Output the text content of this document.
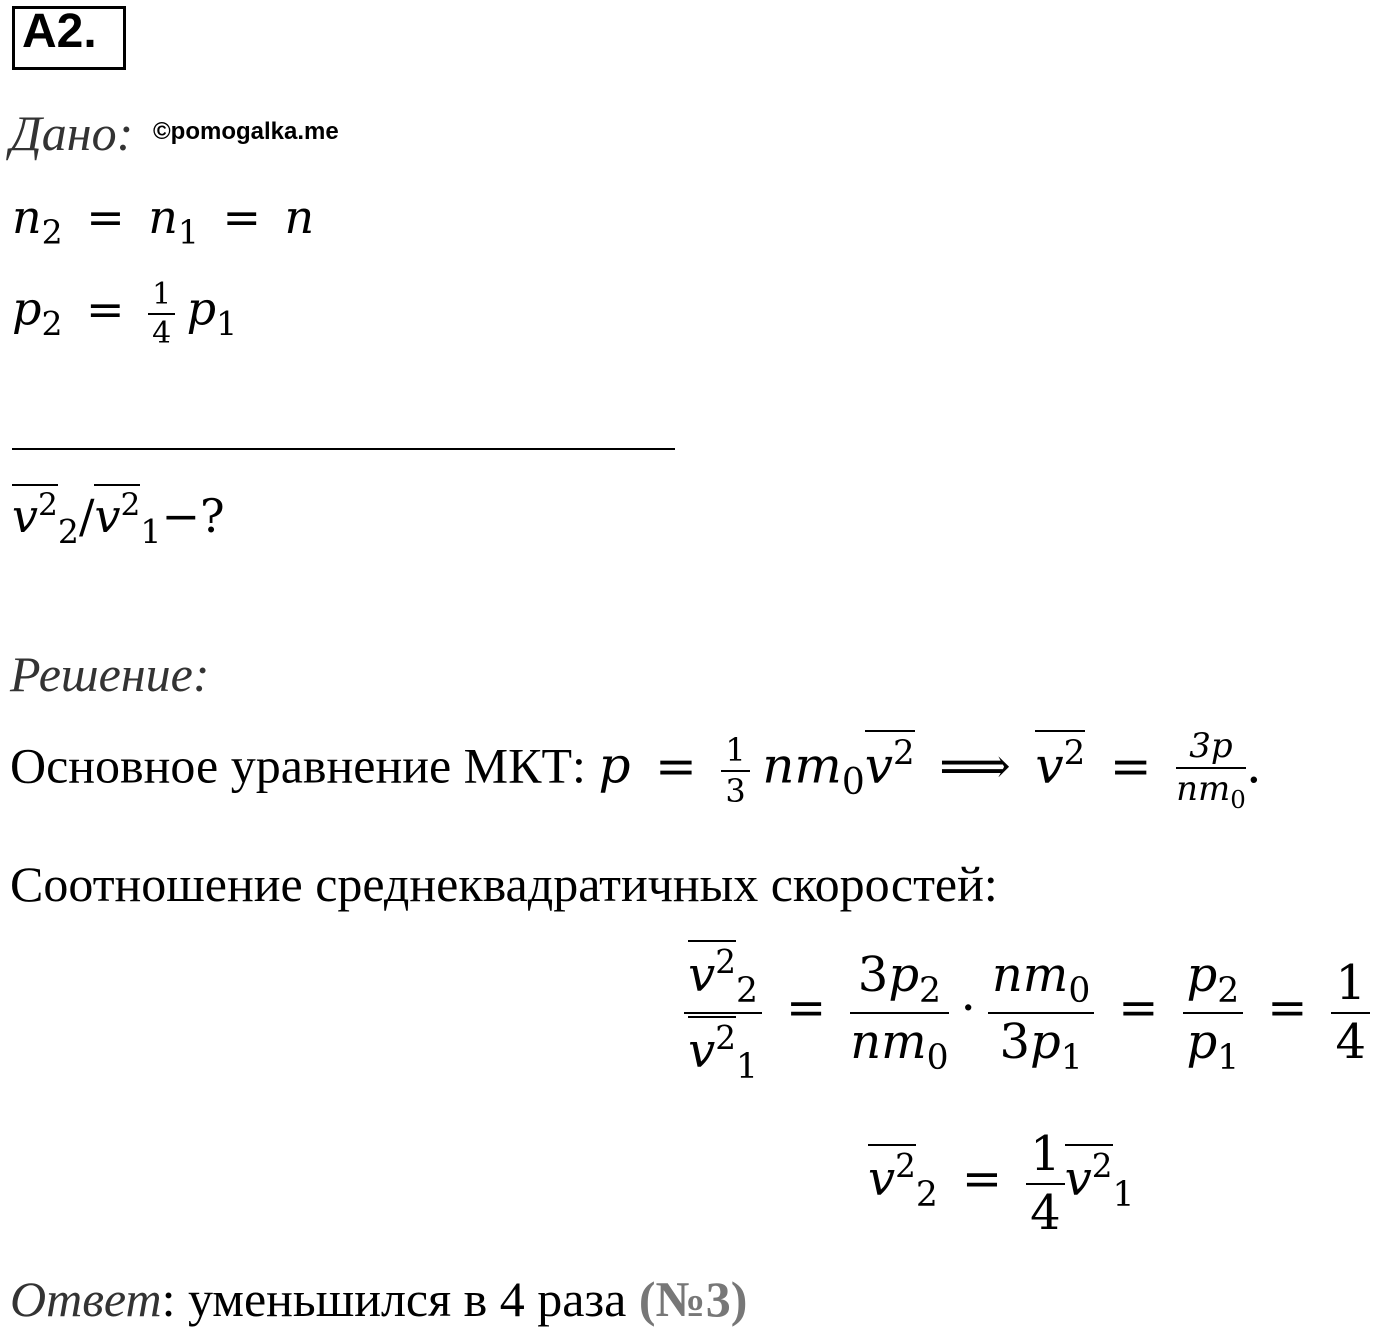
A2.
Дано: ©pomogalka.me
$n_2 = n_1 = n$
$p_2 = \frac{1}{4} p_1$
$v^2_2/v^2_1-$?
Решение:
Основное уравнение МКТ: $p = \frac{1}{3} nm_0v^2$ ⟹ $v^2 = \frac{3p}{nm_0}$ .
Соотношение среднеквадратичных скоростей:
$\frac{v^2_2}{v^2_1} = \frac{3p_2}{nm_0} \cdot \frac{nm_0}{3p_1} = \frac{p_2}{p_1} = \frac{1}{4}$
$v^2_2 = \frac{1}{4} v^2_1$
Ответ: уменьшился в 4 раза (№3)
